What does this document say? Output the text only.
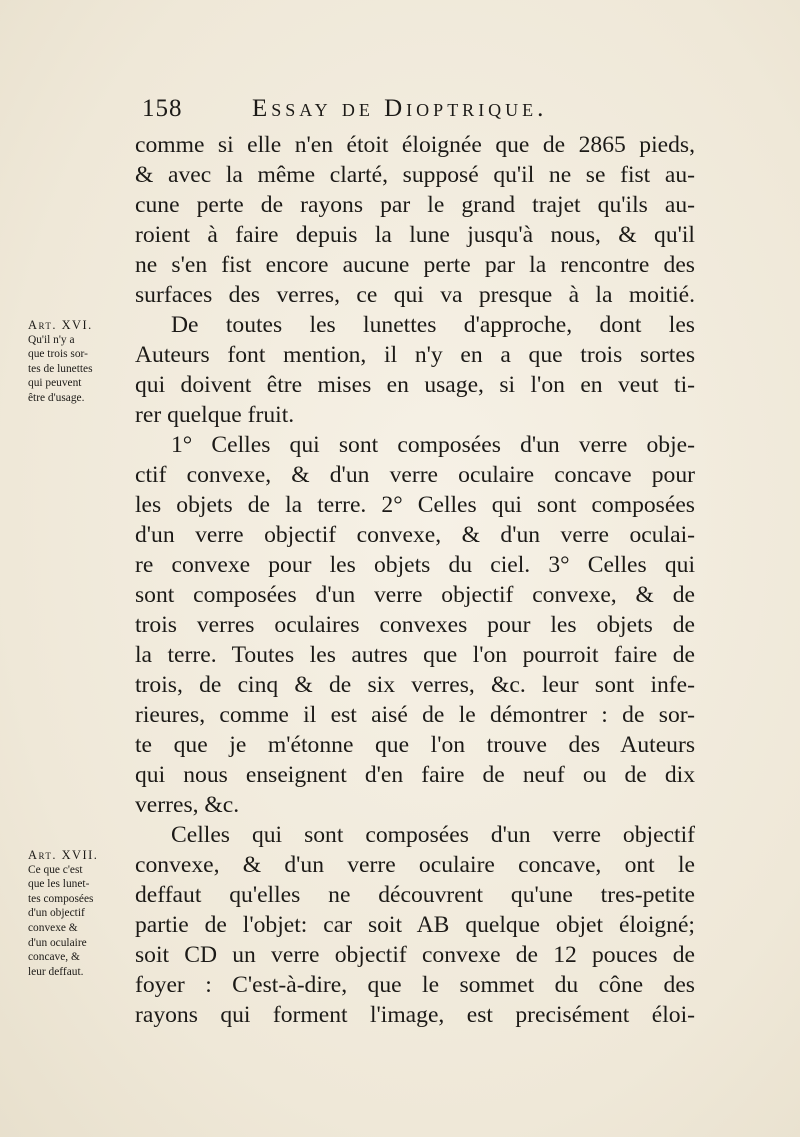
158	Essay de Dioptrique.
Art. XVI.
Qu'il n'y a
que trois sor-
tes de lunettes
qui peuvent
être d'usage.
Art. XVII.
Ce que c'est
que les lunet-
tes composées
d'un objectif
convexe &
d'un oculaire
concave, &
leur deffaut.
comme si elle n'en étoit éloignée que de 2865 pieds,
& avec la même clarté, supposé qu'il ne se fist au-
cune perte de rayons par le grand trajet qu'ils au-
roient à faire depuis la lune jusqu'à nous, & qu'il
ne s'en fist encore aucune perte par la rencontre des
surfaces des verres, ce qui va presque à la moitié.
De toutes les lunettes d'approche, dont les
Auteurs font mention, il n'y en a que trois sortes
qui doivent être mises en usage, si l'on en veut ti-
rer quelque fruit.
1° Celles qui sont composées d'un verre obje-
ctif convexe, & d'un verre oculaire concave pour
les objets de la terre. 2° Celles qui sont composées
d'un verre objectif convexe, & d'un verre oculai-
re convexe pour les objets du ciel. 3° Celles qui
sont composées d'un verre objectif convexe, & de
trois verres oculaires convexes pour les objets de
la terre. Toutes les autres que l'on pourroit faire de
trois, de cinq & de six verres, &c. leur sont infe-
rieures, comme il est aisé de le démontrer : de sor-
te que je m'étonne que l'on trouve des Auteurs
qui nous enseignent d'en faire de neuf ou de dix
verres, &c.
Celles qui sont composées d'un verre objectif
convexe, & d'un verre oculaire concave, ont le
deffaut qu'elles ne découvrent qu'une tres-petite
partie de l'objet: car soit AB quelque objet éloigné;
soit CD un verre objectif convexe de 12 pouces de
foyer : C'est-à-dire, que le sommet du cône des
rayons qui forment l'image, est precisément éloi-
